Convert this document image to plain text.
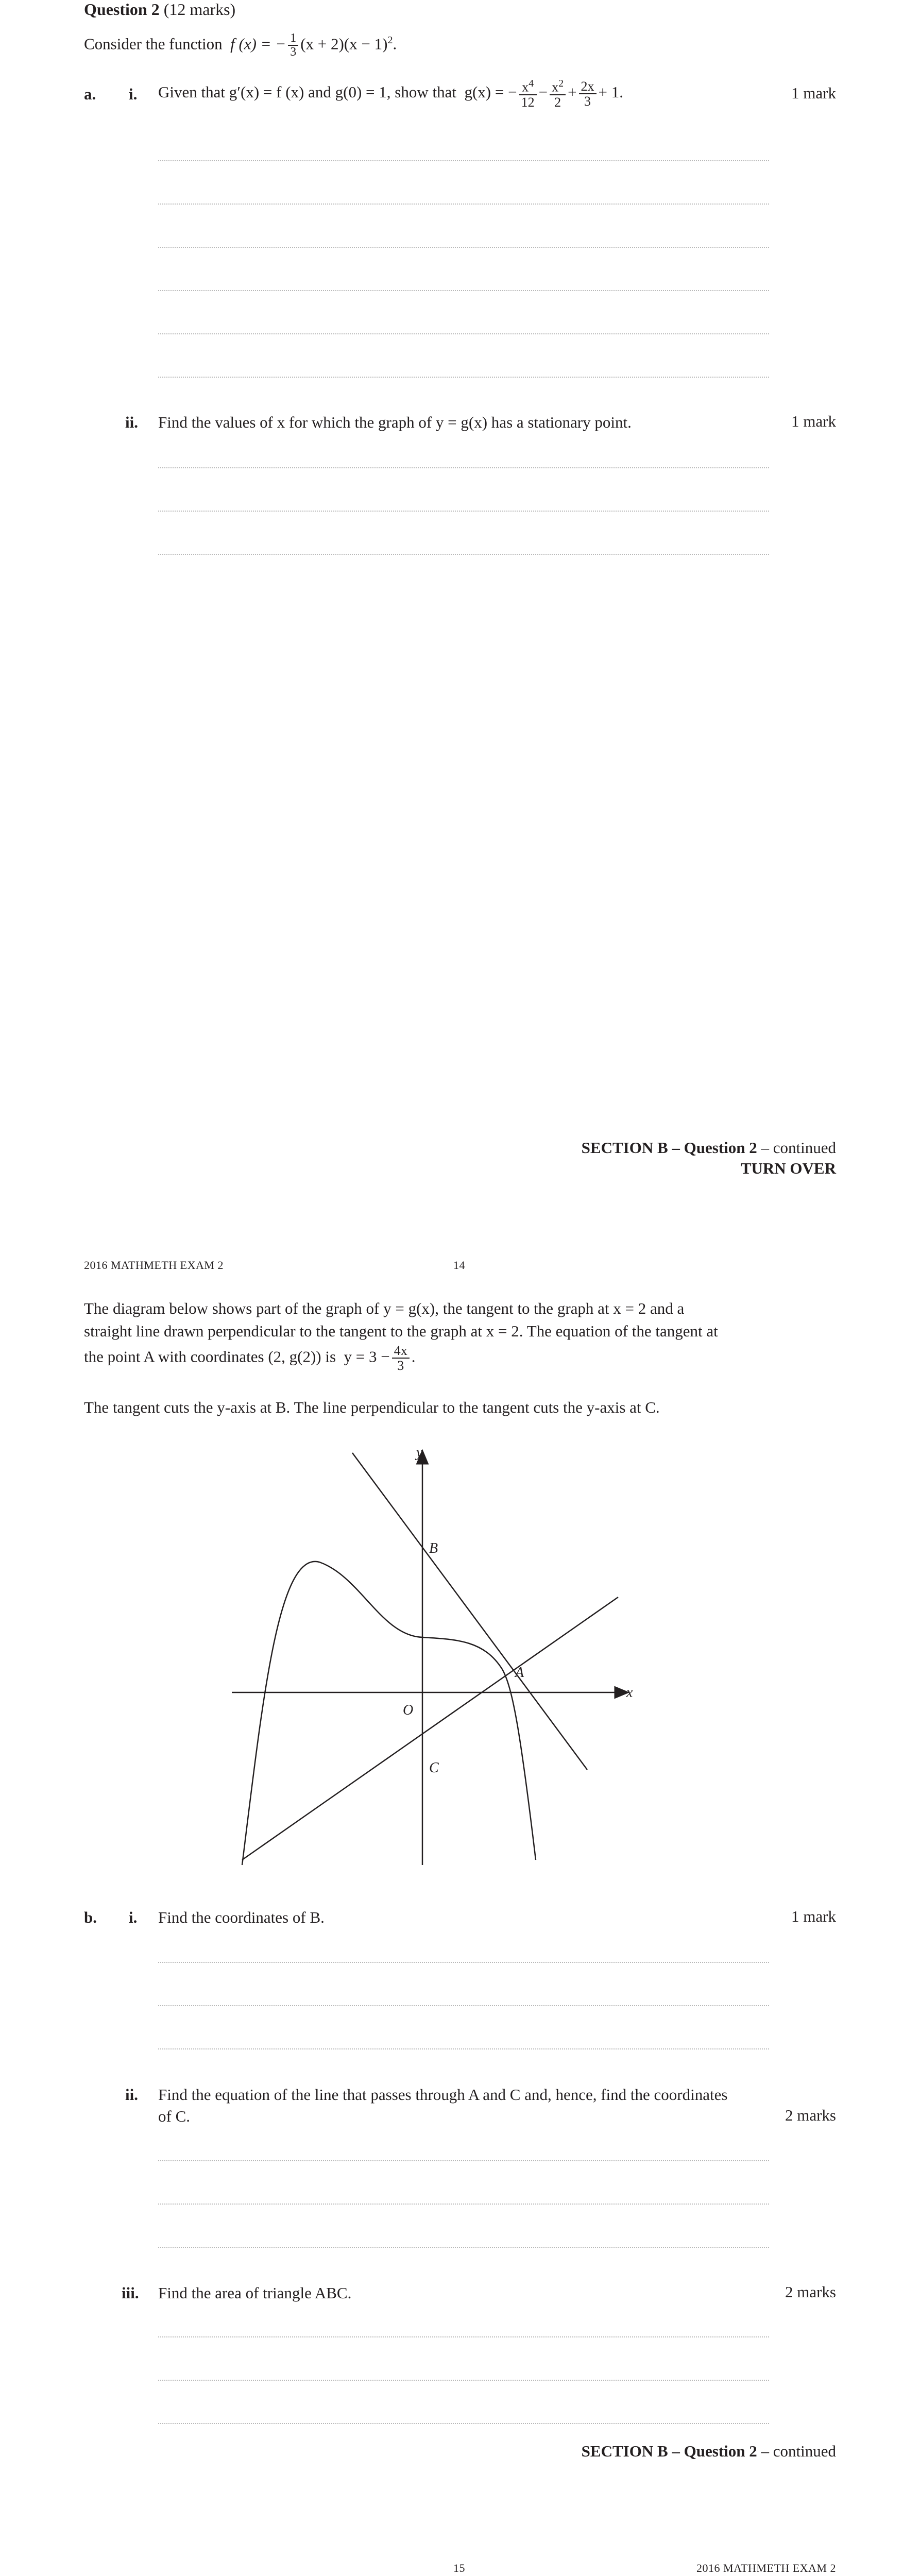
Question 2 (12 marks)
Consider the function f (x) = − $\frac{1}{3} (x + 2)(x - 1)^2$.
a. i. Given that g′(x) = f (x) and g(0) = 1, show that g(x) = − $\frac{x^4}{12} - \frac{x^2}{2} + \frac{2x}{3} + 1$.	1 mark
ii. Find the values of x for which the graph of y = g(x) has a stationary point.	1 mark
SECTION B – Question 2 – continued
TURN OVER
2016 MATHMETH EXAM 2	14
The diagram below shows part of the graph of y = g(x), the tangent to the graph at x = 2 and a
straight line drawn perpendicular to the tangent to the graph at x = 2. The equation of the tangent at
the point A with coordinates (2, g(2)) is $y = 3 - \frac{4x}{3}$ .
The tangent cuts the y-axis at B. The line perpendicular to the tangent cuts the y-axis at C.
y
x
O
B
C
A
b. i. Find the coordinates of B.	1 mark
ii. Find the equation of the line that passes through A and C and, hence, find the coordinates
of C.	2 marks
iii. Find the area of triangle ABC.	2 marks
SECTION B – Question 2 – continued
15	2016 MATHMETH EXAM 2
